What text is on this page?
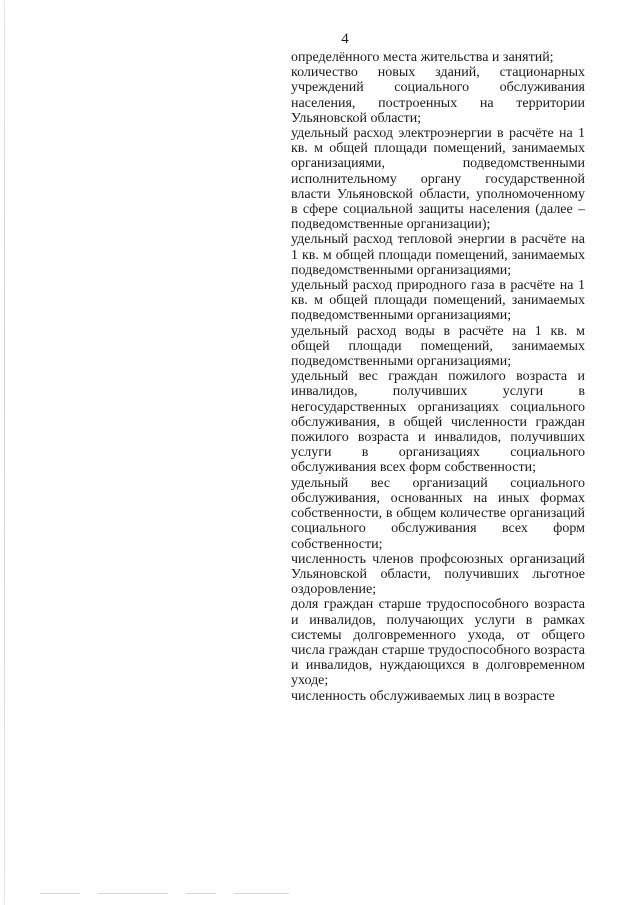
4

определённого места жительства и занятий;

количество новых зданий, стационарных учреждений социального обслуживания населения, построенных на территории Ульяновской области;

удельный расход электроэнергии в расчёте на 1 кв. м общей площади помещений, занимаемых организациями, подведомственными исполнительному органу государственной власти Ульяновской области, уполномоченному в сфере социальной защиты населения (далее – подведомственные организации);

удельный расход тепловой энергии в расчёте на 1 кв. м общей площади помещений, занимаемых подведомственными организациями;

удельный расход природного газа в расчёте на 1 кв. м общей площади помещений, занимаемых подведомственными организациями;

удельный расход воды в расчёте на 1 кв. м общей площади помещений, занимаемых подведомственными организациями;

удельный вес граждан пожилого возраста и инвалидов, получивших услуги в негосударственных организациях социального обслуживания, в общей численности граждан пожилого возраста и инвалидов, получивших услуги в организациях социального обслуживания всех форм собственности;

удельный вес организаций социального обслуживания, основанных на иных формах собственности, в общем количестве организаций социального обслуживания всех форм собственности;

численность членов профсоюзных организаций Ульяновской области, получивших льготное оздоровление;

доля граждан старше трудоспособного возраста и инвалидов, получающих услуги в рамках системы долговременного ухода, от общего числа граждан старше трудоспособного возраста и инвалидов, нуждающихся в долговременном уходе;

численность обслуживаемых лиц в возрасте
